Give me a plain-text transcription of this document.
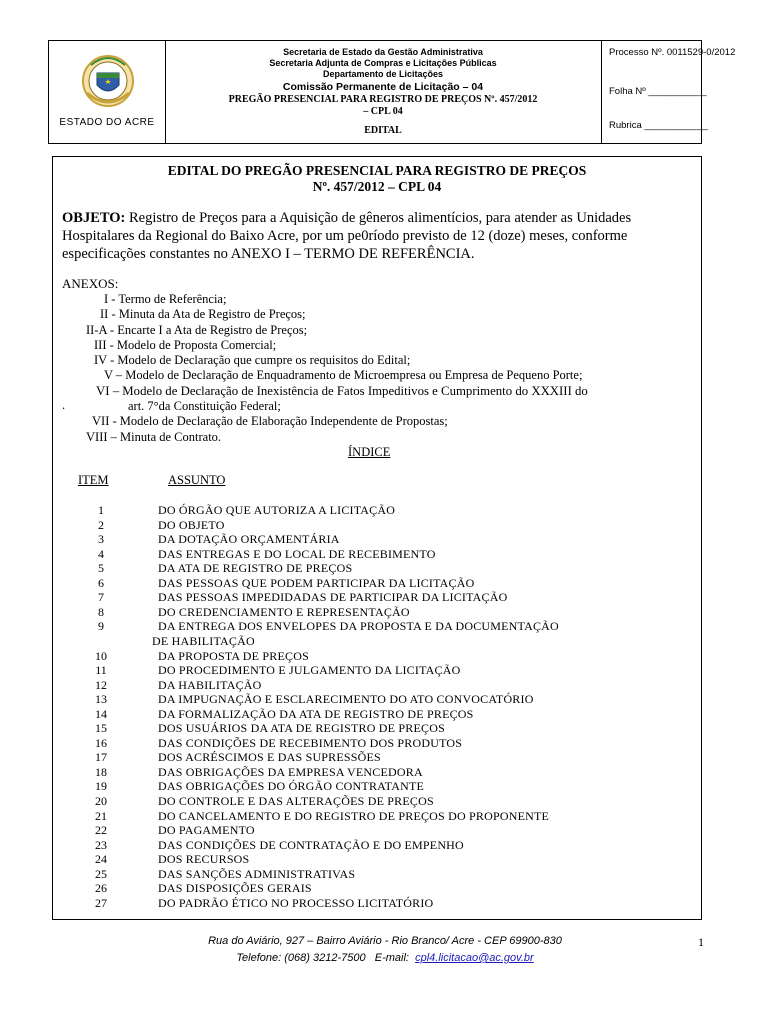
ESTADO DO ACRE
Secretaria de Estado da Gestão Administrativa
Secretaria Adjunta de Compras e Licitações Públicas
Departamento de Licitações
Comissão Permanente de Licitação – 04
PREGÃO PRESENCIAL PARA REGISTRO DE PREÇOS Nº. 457/2012
– CPL 04
EDITAL
Processo Nº. 0011529-0/2012
Folha Nº ___________
Rubrica ____________
EDITAL DO PREGÃO PRESENCIAL PARA REGISTRO DE PREÇOS
Nº. 457/2012 – CPL 04
OBJETO: Registro de Preços para a Aquisição de gêneros alimentícios, para atender as Unidades
Hospitalares da Regional do Baixo Acre, por um pe0ríodo previsto de 12 (doze) meses, conforme
especificações constantes no ANEXO I – TERMO DE REFERÊNCIA.
ANEXOS:
I - Termo de Referência;
II - Minuta da Ata de Registro de Preços;
II-A - Encarte I a Ata de Registro de Preços;
III - Modelo de Proposta Comercial;
IV - Modelo de Declaração que cumpre os requisitos do Edital;
V – Modelo de Declaração de Enquadramento de Microempresa ou Empresa de Pequeno Porte;
VI – Modelo de Declaração de Inexistência de Fatos Impeditivos e Cumprimento do XXXIII do
.	art. 7°da Constituição Federal;
VII - Modelo de Declaração de Elaboração Independente de Propostas;
VIII – Minuta de Contrato.
ÍNDICE
ITEM	ASSUNTO
1	DO ÓRGÃO QUE AUTORIZA A LICITAÇÃO
2	DO OBJETO
3	DA DOTAÇÃO ORÇAMENTÁRIA
4	DAS ENTREGAS E DO LOCAL DE RECEBIMENTO
5	DA ATA DE REGISTRO DE PREÇOS
6	DAS PESSOAS QUE PODEM PARTICIPAR DA LICITAÇÃO
7	DAS PESSOAS IMPEDIDADAS DE PARTICIPAR DA LICITAÇÃO
8	DO CREDENCIAMENTO E REPRESENTAÇÃO
9	DA ENTREGA DOS ENVELOPES DA PROPOSTA E DA DOCUMENTAÇÃO
DE HABILITAÇÃO
10	DA PROPOSTA DE PREÇOS
11	DO PROCEDIMENTO E JULGAMENTO DA LICITAÇÃO
12	DA HABILITAÇÃO
13	DA IMPUGNAÇÃO E ESCLARECIMENTO DO ATO CONVOCATÓRIO
14	DA FORMALIZAÇÃO DA ATA DE REGISTRO DE PREÇOS
15	DOS USUÁRIOS DA ATA DE REGISTRO DE PREÇOS
16	DAS CONDIÇÕES DE RECEBIMENTO DOS PRODUTOS
17	DOS ACRÉSCIMOS E DAS SUPRESSÕES
18	DAS OBRIGAÇÕES DA EMPRESA VENCEDORA
19	DAS OBRIGAÇÕES DO ÓRGÃO CONTRATANTE
20	DO CONTROLE E DAS ALTERAÇÕES DE PREÇOS
21	DO CANCELAMENTO E DO REGISTRO DE PREÇOS DO PROPONENTE
22	DO PAGAMENTO
23	DAS CONDIÇÕES DE CONTRATAÇÃO E DO EMPENHO
24	DOS RECURSOS
25	DAS SANÇÕES ADMINISTRATIVAS
26	DAS DISPOSIÇÕES GERAIS
27	DO PADRÃO ÉTICO NO PROCESSO LICITATÓRIO
Rua do Aviário, 927 – Bairro Aviário - Rio Branco/ Acre - CEP 69900-830
Telefone: (068) 3212-7500   E-mail:  cpl4.licitacao@ac.gov.br
1
